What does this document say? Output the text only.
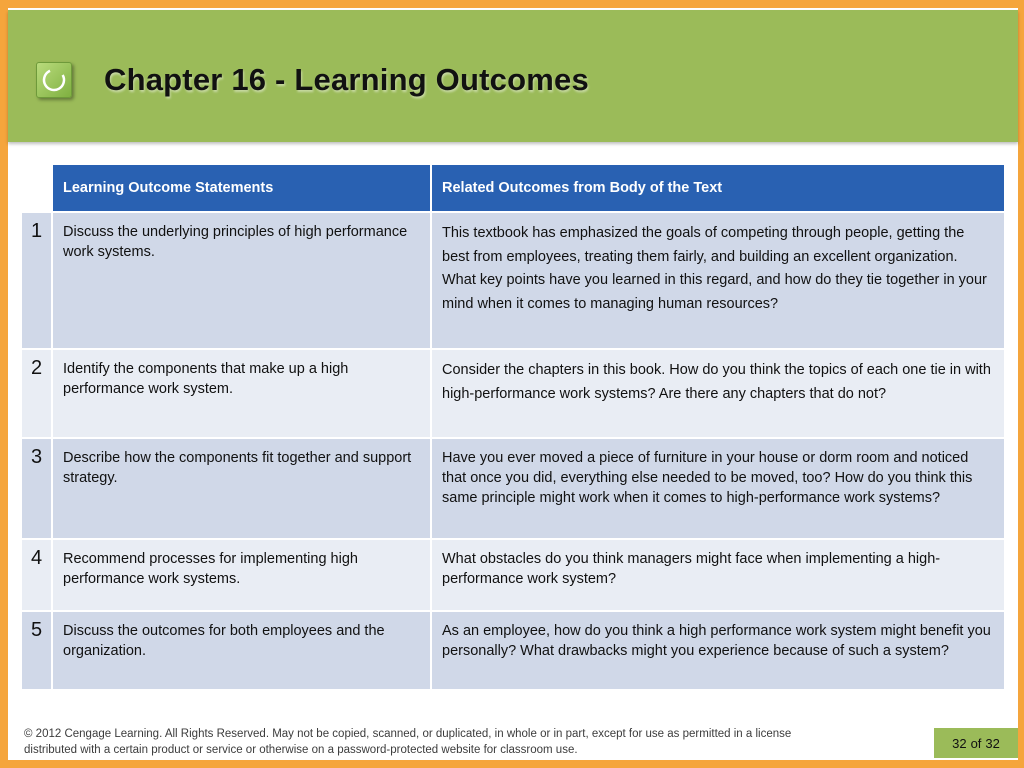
Chapter 16 - Learning Outcomes
	Learning Outcome Statements	Related Outcomes from Body of the Text
1	Discuss the underlying principles of high performance work systems.	This textbook has emphasized the goals of competing through people, getting the best from employees, treating them fairly, and building an excellent organization. What key points have you learned in this regard, and how do they tie together in your mind when it comes to managing human resources?
2	Identify the components that make up a high performance work system.	Consider the chapters in this book. How do you think the topics of each one tie in with high-performance work systems? Are there any chapters that do not?
3	Describe how the components fit together and support strategy.	Have you ever moved a piece of furniture in your house or dorm room and noticed that once you did, everything else needed to be moved, too? How do you think this same principle might work when it comes to high-performance work systems?
4	Recommend processes for implementing high performance work systems.	What obstacles do you think managers might face when implementing a high-performance work system?
5	Discuss the outcomes for both employees and the organization.	As an employee, how do you think a high performance work system might benefit you personally? What drawbacks might you experience because of such a system?
© 2012 Cengage Learning. All Rights Reserved. May not be copied, scanned, or duplicated, in whole or in part, except for use as permitted in a license distributed with a certain product or service or otherwise on a password-protected website for classroom use.	32 of 32
